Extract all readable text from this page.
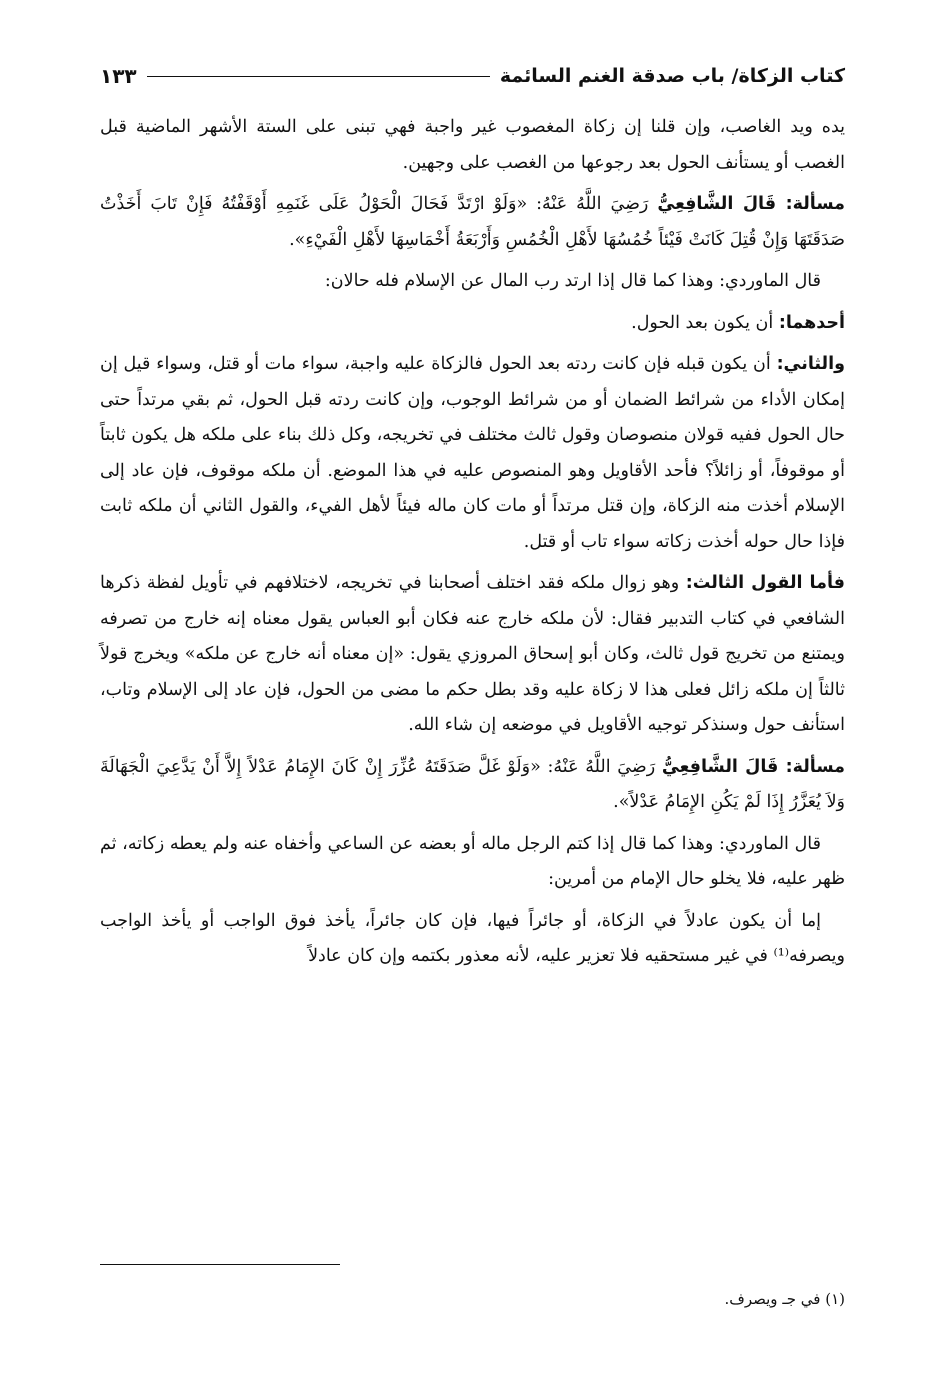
كتاب الزكاة/ باب صدقة الغنم السائمة
١٣٣

يده ويد الغاصب، وإن قلنا إن زكاة المغصوب غير واجبة فهي تبنى على الستة الأشهر الماضية قبل الغصب أو يستأنف الحول بعد رجوعها من الغصب على وجهين.

مسألة: قَالَ الشَّافِعِيُّ رَضِيَ اللَّهُ عَنْهُ: «وَلَوْ ارْتَدَّ فَحَالَ الْحَوْلُ عَلَى غَنَمِهِ أَوْقَفْتُهُ فَإِنْ تَابَ أَخَذْتُ صَدَقَتَهَا وَإِنْ قُتِلَ كَانَتْ فَيْئاً خُمُسُهَا لأَهْلِ الْخُمُسِ وَأَرْبَعَةُ أَخْمَاسِهَا لأَهْلِ الْفَيْءِ».

قال الماوردي: وهذا كما قال إذا ارتد رب المال عن الإسلام فله حالان:

أحدهما: أن يكون بعد الحول.

والثاني: أن يكون قبله فإن كانت ردته بعد الحول فالزكاة عليه واجبة، سواء مات أو قتل، وسواء قيل إن إمكان الأداء من شرائط الضمان أو من شرائط الوجوب، وإن كانت ردته قبل الحول، ثم بقي مرتداً حتى حال الحول ففيه قولان منصوصان وقول ثالث مختلف في تخريجه، وكل ذلك بناء على ملكه هل يكون ثابتاً أو موقوفاً، أو زائلاً؟ فأحد الأقاويل وهو المنصوص عليه في هذا الموضع. أن ملكه موقوف، فإن عاد إلى الإسلام أخذت منه الزكاة، وإن قتل مرتداً أو مات كان ماله فيئاً لأهل الفيء، والقول الثاني أن ملكه ثابت فإذا حال حوله أخذت زكاته سواء تاب أو قتل.

فأما القول الثالث: وهو زوال ملكه فقد اختلف أصحابنا في تخريجه، لاختلافهم في تأويل لفظة ذكرها الشافعي في كتاب التدبير فقال: لأن ملكه خارج عنه فكان أبو العباس يقول معناه إنه خارج من تصرفه ويمتنع من تخريج قول ثالث، وكان أبو إسحاق المروزي يقول: «إن معناه أنه خارج عن ملكه» ويخرج قولاً ثالثاً إن ملكه زائل فعلى هذا لا زكاة عليه وقد بطل حكم ما مضى من الحول، فإن عاد إلى الإسلام وتاب، استأنف حول وسنذكر توجيه الأقاويل في موضعه إن شاء الله.

مسألة: قَالَ الشَّافِعِيُّ رَضِيَ اللَّهُ عَنْهُ: «وَلَوْ غَلَّ صَدَقَتَهُ عُزِّرَ إِنْ كَانَ الإِمَامُ عَدْلاً إِلاَّ أَنْ يَدَّعِيَ الْجَهَالَةَ وَلاَ يُعَزَّرُ إِذَا لَمْ يَكُنِ الإِمَامُ عَدْلاً».

قال الماوردي: وهذا كما قال إذا كتم الرجل ماله أو بعضه عن الساعي وأخفاه عنه ولم يعطه زكاته، ثم ظهر عليه، فلا يخلو حال الإمام من أمرين:

إما أن يكون عادلاً في الزكاة، أو جائراً فيها، فإن كان جائراً، يأخذ فوق الواجب أو يأخذ الواجب ويصرفه⁽¹⁾ في غير مستحقيه فلا تعزير عليه، لأنه معذور بكتمه وإن كان عادلاً

(١) في جـ ويصرف.
